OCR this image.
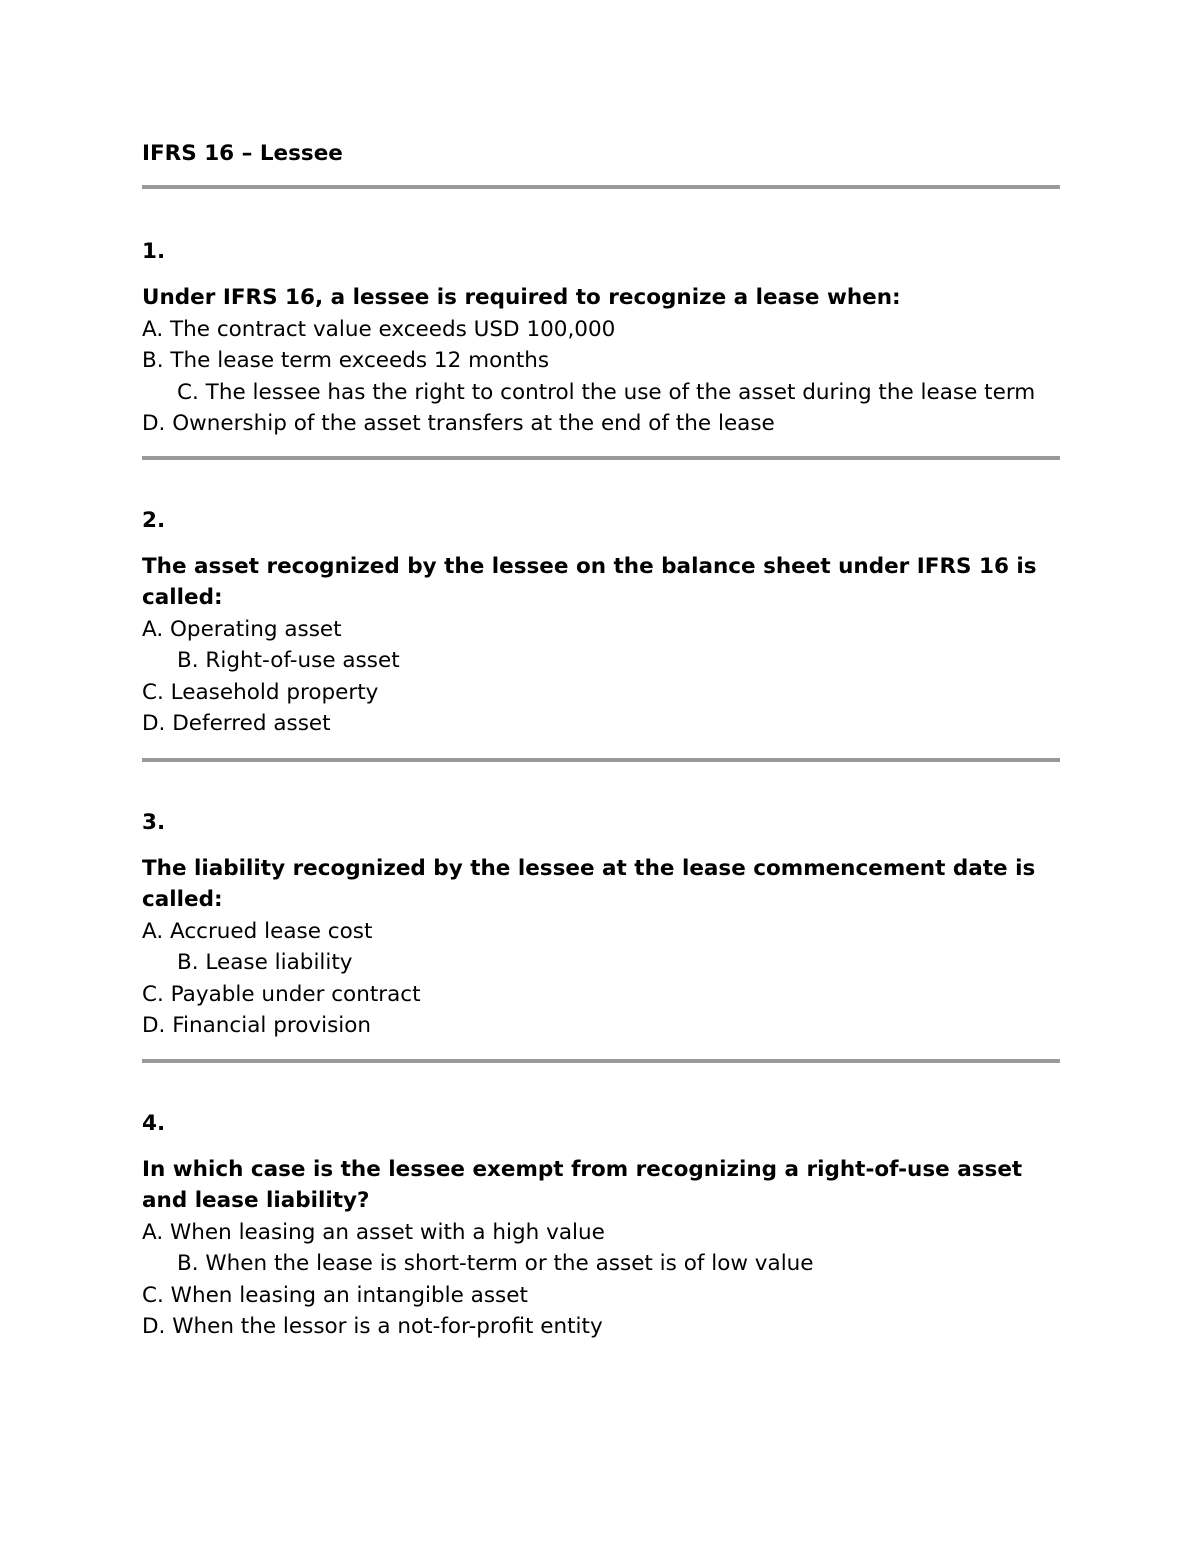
IFRS 16 – Lessee

1.

Under IFRS 16, a lessee is required to recognize a lease when:

A. The contract value exceeds USD 100,000
B. The lease term exceeds 12 months
C. The lessee has the right to control the use of the asset during the lease term
D. Ownership of the asset transfers at the end of the lease

2.

The asset recognized by the lessee on the balance sheet under IFRS 16 is called:

A. Operating asset
B. Right-of-use asset
C. Leasehold property
D. Deferred asset

3.

The liability recognized by the lessee at the lease commencement date is called:

A. Accrued lease cost
B. Lease liability
C. Payable under contract
D. Financial provision

4.

In which case is the lessee exempt from recognizing a right-of-use asset and lease liability?

A. When leasing an asset with a high value
B. When the lease is short-term or the asset is of low value
C. When leasing an intangible asset
D. When the lessor is a not-for-profit entity
